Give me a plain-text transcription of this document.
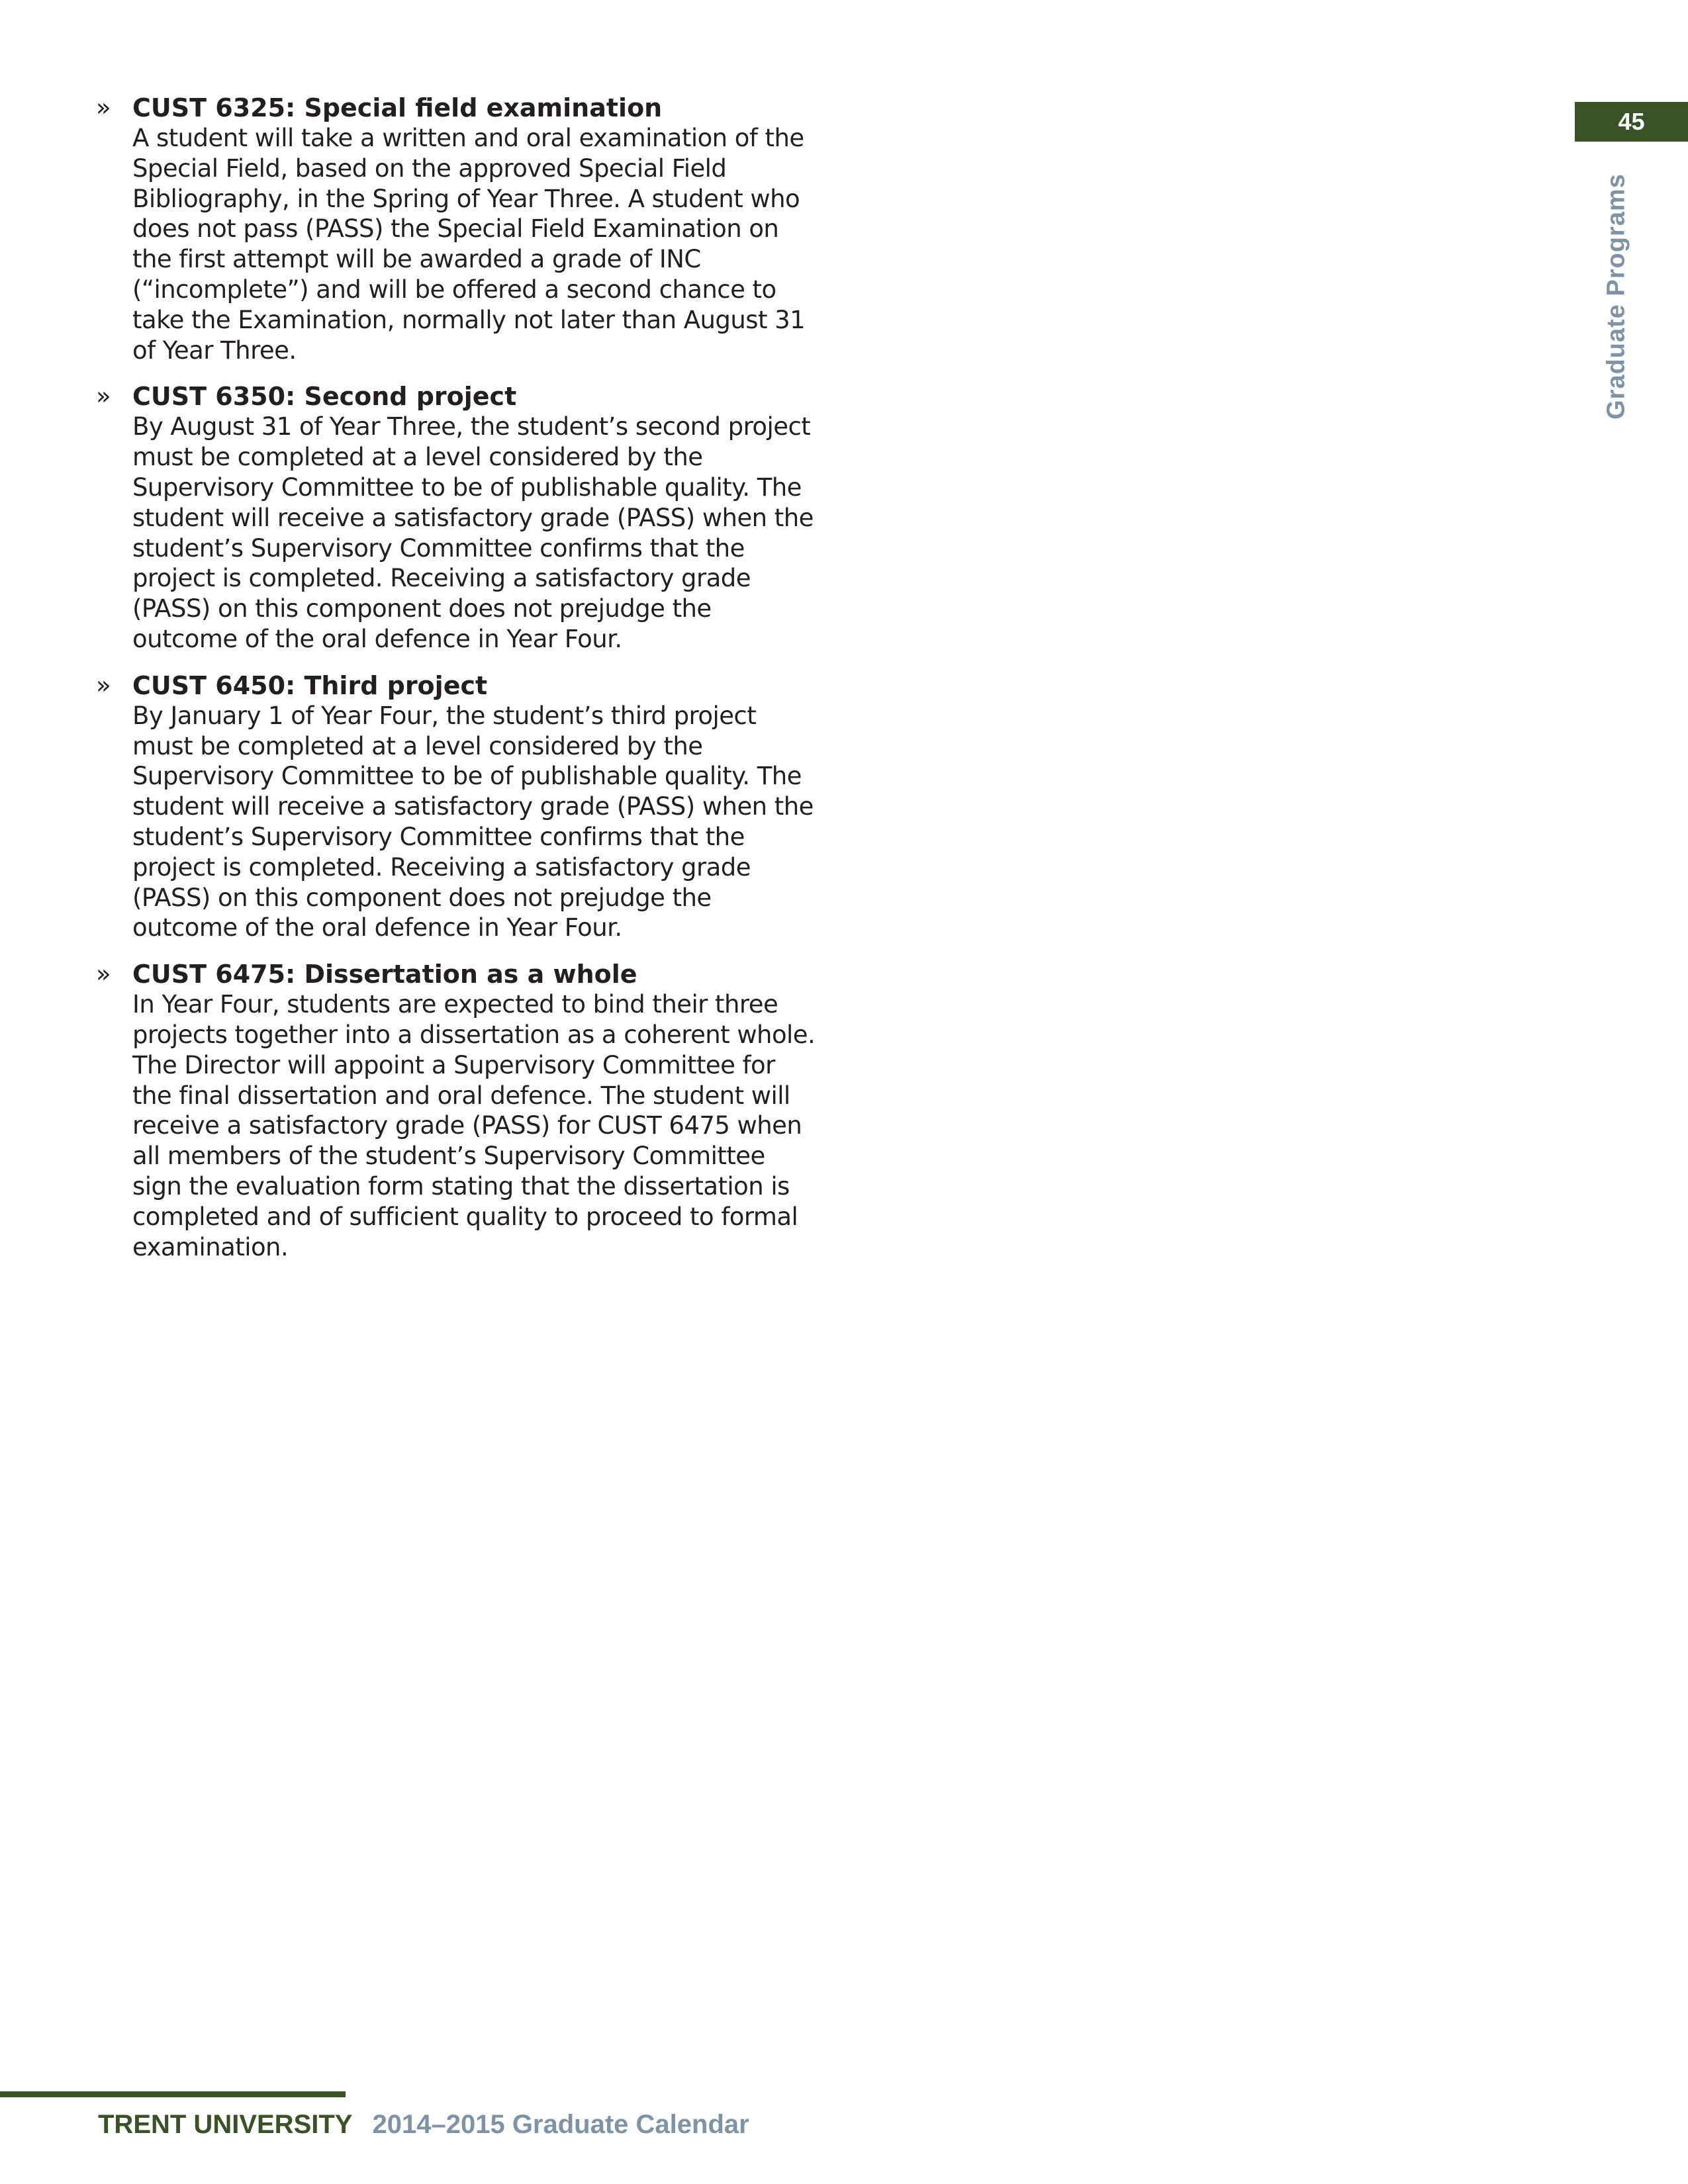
» CUST 6325: Special field examination
A student will take a written and oral examination of the Special Field, based on the approved Special Field Bibliography, in the Spring of Year Three. A student who does not pass (PASS) the Special Field Examination on the first attempt will be awarded a grade of INC (“incomplete”) and will be offered a second chance to take the Examination, normally not later than August 31 of Year Three.
» CUST 6350: Second project
By August 31 of Year Three, the student’s second project must be completed at a level considered by the Supervisory Committee to be of publishable quality. The student will receive a satisfactory grade (PASS) when the student’s Supervisory Committee confirms that the project is completed. Receiving a satisfactory grade (PASS) on this component does not prejudge the outcome of the oral defence in Year Four.
» CUST 6450: Third project
By January 1 of Year Four, the student’s third project must be completed at a level considered by the Supervisory Committee to be of publishable quality. The student will receive a satisfactory grade (PASS) when the student’s Supervisory Committee confirms that the project is completed. Receiving a satisfactory grade (PASS) on this component does not prejudge the outcome of the oral defence in Year Four.
» CUST 6475: Dissertation as a whole
In Year Four, students are expected to bind their three projects together into a dissertation as a coherent whole. The Director will appoint a Supervisory Committee for the final dissertation and oral defence. The student will receive a satisfactory grade (PASS) for CUST 6475 when all members of the student’s Supervisory Committee sign the evaluation form stating that the dissertation is completed and of sufficient quality to proceed to formal examination.
45
Graduate Programs
TRENT UNIVERSITY 2014–2015 Graduate Calendar
